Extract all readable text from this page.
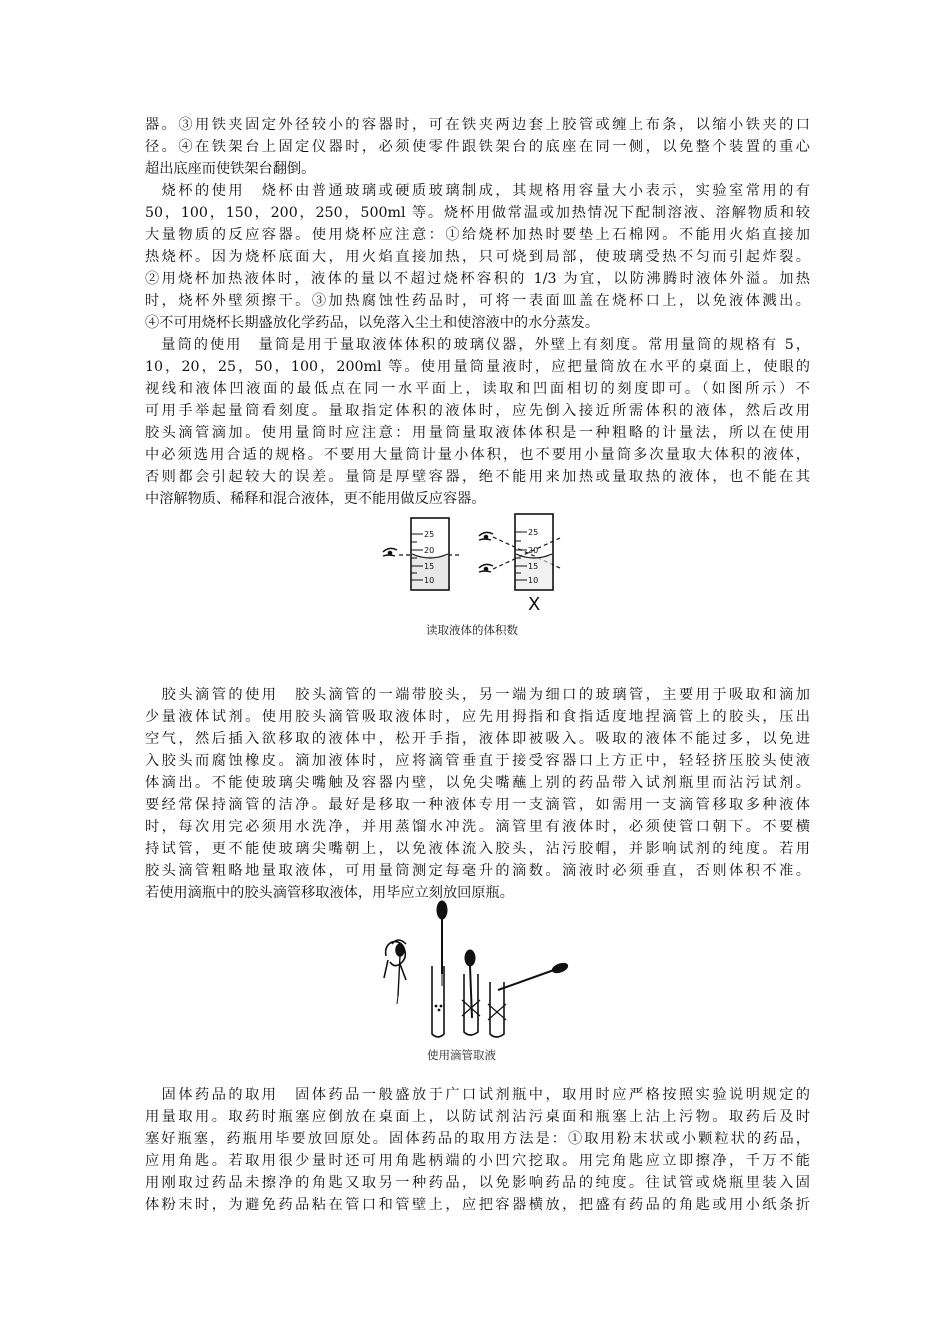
器。③用铁夹固定外径较小的容器时，可在铁夹两边套上胶管或缠上布条，以缩小铁夹的口
径。④在铁架台上固定仪器时，必须使零件跟铁架台的底座在同一侧，以免整个装置的重心
超出底座而使铁架台翻倒。
　烧杯的使用　烧杯由普通玻璃或硬质玻璃制成，其规格用容量大小表示，实验室常用的有
50，100，150，200，250，500ml 等。烧杯用做常温或加热情况下配制溶液、溶解物质和较
大量物质的反应容器。使用烧杯应注意：①给烧杯加热时要垫上石棉网。不能用火焰直接加
热烧杯。因为烧杯底面大，用火焰直接加热，只可烧到局部，使玻璃受热不匀而引起炸裂。
②用烧杯加热液体时，液体的量以不超过烧杯容积的 1/3 为宜，以防沸腾时液体外溢。加热
时，烧杯外壁须擦干。③加热腐蚀性药品时，可将一表面皿盖在烧杯口上，以免液体溅出。
④不可用烧杯长期盛放化学药品，以免落入尘土和使溶液中的水分蒸发。
　量筒的使用　量筒是用于量取液体体积的玻璃仪器，外壁上有刻度。常用量筒的规格有 5，
10，20，25，50，100，200ml 等。使用量筒量液时，应把量筒放在水平的桌面上，使眼的
视线和液体凹液面的最低点在同一水平面上，读取和凹面相切的刻度即可。（如图所示）不
可用手举起量筒看刻度。量取指定体积的液体时，应先倒入接近所需体积的液体，然后改用
胶头滴管滴加。使用量筒时应注意：用量筒量取液体体积是一种粗略的计量法，所以在使用
中必须选用合适的规格。不要用大量筒计量小体积，也不要用小量筒多次量取大体积的液体，
否则都会引起较大的误差。量筒是厚壁容器，绝不能用来加热或量取热的液体，也不能在其
中溶解物质、稀释和混合液体，更不能用做反应容器。
25
20
15
10
25
20
15
10
X
读取液体的体积数
　胶头滴管的使用　胶头滴管的一端带胶头，另一端为细口的玻璃管，主要用于吸取和滴加
少量液体试剂。使用胶头滴管吸取液体时，应先用拇指和食指适度地捏滴管上的胶头，压出
空气，然后插入欲移取的液体中，松开手指，液体即被吸入。吸取的液体不能过多，以免进
入胶头而腐蚀橡皮。滴加液体时，应将滴管垂直于接受容器口上方正中，轻轻挤压胶头使液
体滴出。不能使玻璃尖嘴触及容器内壁，以免尖嘴蘸上别的药品带入试剂瓶里而沾污试剂。
要经常保持滴管的洁净。最好是移取一种液体专用一支滴管，如需用一支滴管移取多种液体
时，每次用完必须用水洗净，并用蒸馏水冲洗。滴管里有液体时，必须使管口朝下。不要横
持试管，更不能使玻璃尖嘴朝上，以免液体流入胶头，沾污胶帽，并影响试剂的纯度。若用
胶头滴管粗略地量取液体，可用量筒测定每毫升的滴数。滴液时必须垂直，否则体积不准。
若使用滴瓶中的胶头滴管移取液体，用毕应立刻放回原瓶。
使用滴管取液
　固体药品的取用　固体药品一般盛放于广口试剂瓶中，取用时应严格按照实验说明规定的
用量取用。取药时瓶塞应倒放在桌面上，以防试剂沾污桌面和瓶塞上沾上污物。取药后及时
塞好瓶塞，药瓶用毕要放回原处。固体药品的取用方法是：①取用粉末状或小颗粒状的药品，
应用角匙。若取用很少量时还可用角匙柄端的小凹穴挖取。用完角匙应立即擦净，千万不能
用刚取过药品未擦净的角匙又取另一种药品，以免影响药品的纯度。往试管或烧瓶里装入固
体粉末时，为避免药品粘在管口和管壁上，应把容器横放，把盛有药品的角匙或用小纸条折
